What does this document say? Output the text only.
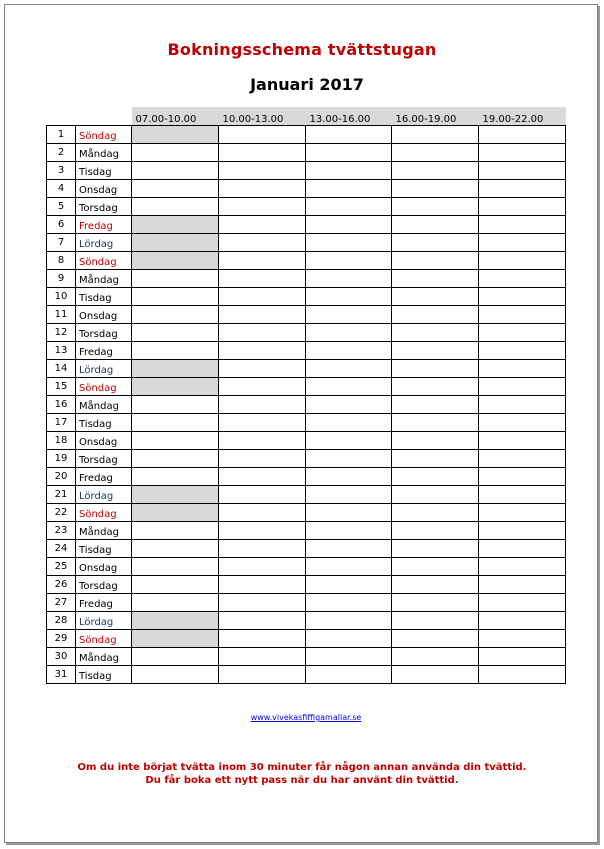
Bokningsschema tvättstugan
Januari 2017
		07.00-10.00	10.00-13.00	13.00-16.00	16.00-19.00	19.00-22.00
1	Söndag					
2	Måndag					
3	Tisdag					
4	Onsdag					
5	Torsdag					
6	Fredag					
7	Lördag					
8	Söndag					
9	Måndag					
10	Tisdag					
11	Onsdag					
12	Torsdag					
13	Fredag					
14	Lördag					
15	Söndag					
16	Måndag					
17	Tisdag					
18	Onsdag					
19	Torsdag					
20	Fredag					
21	Lördag					
22	Söndag					
23	Måndag					
24	Tisdag					
25	Onsdag					
26	Torsdag					
27	Fredag					
28	Lördag					
29	Söndag					
30	Måndag					
31	Tisdag					
www.vivekasfiffigamallar.se
Om du inte börjat tvätta inom 30 minuter får någon annan använda din tvättid.
Du får boka ett nytt pass när du har använt din tvättid.
